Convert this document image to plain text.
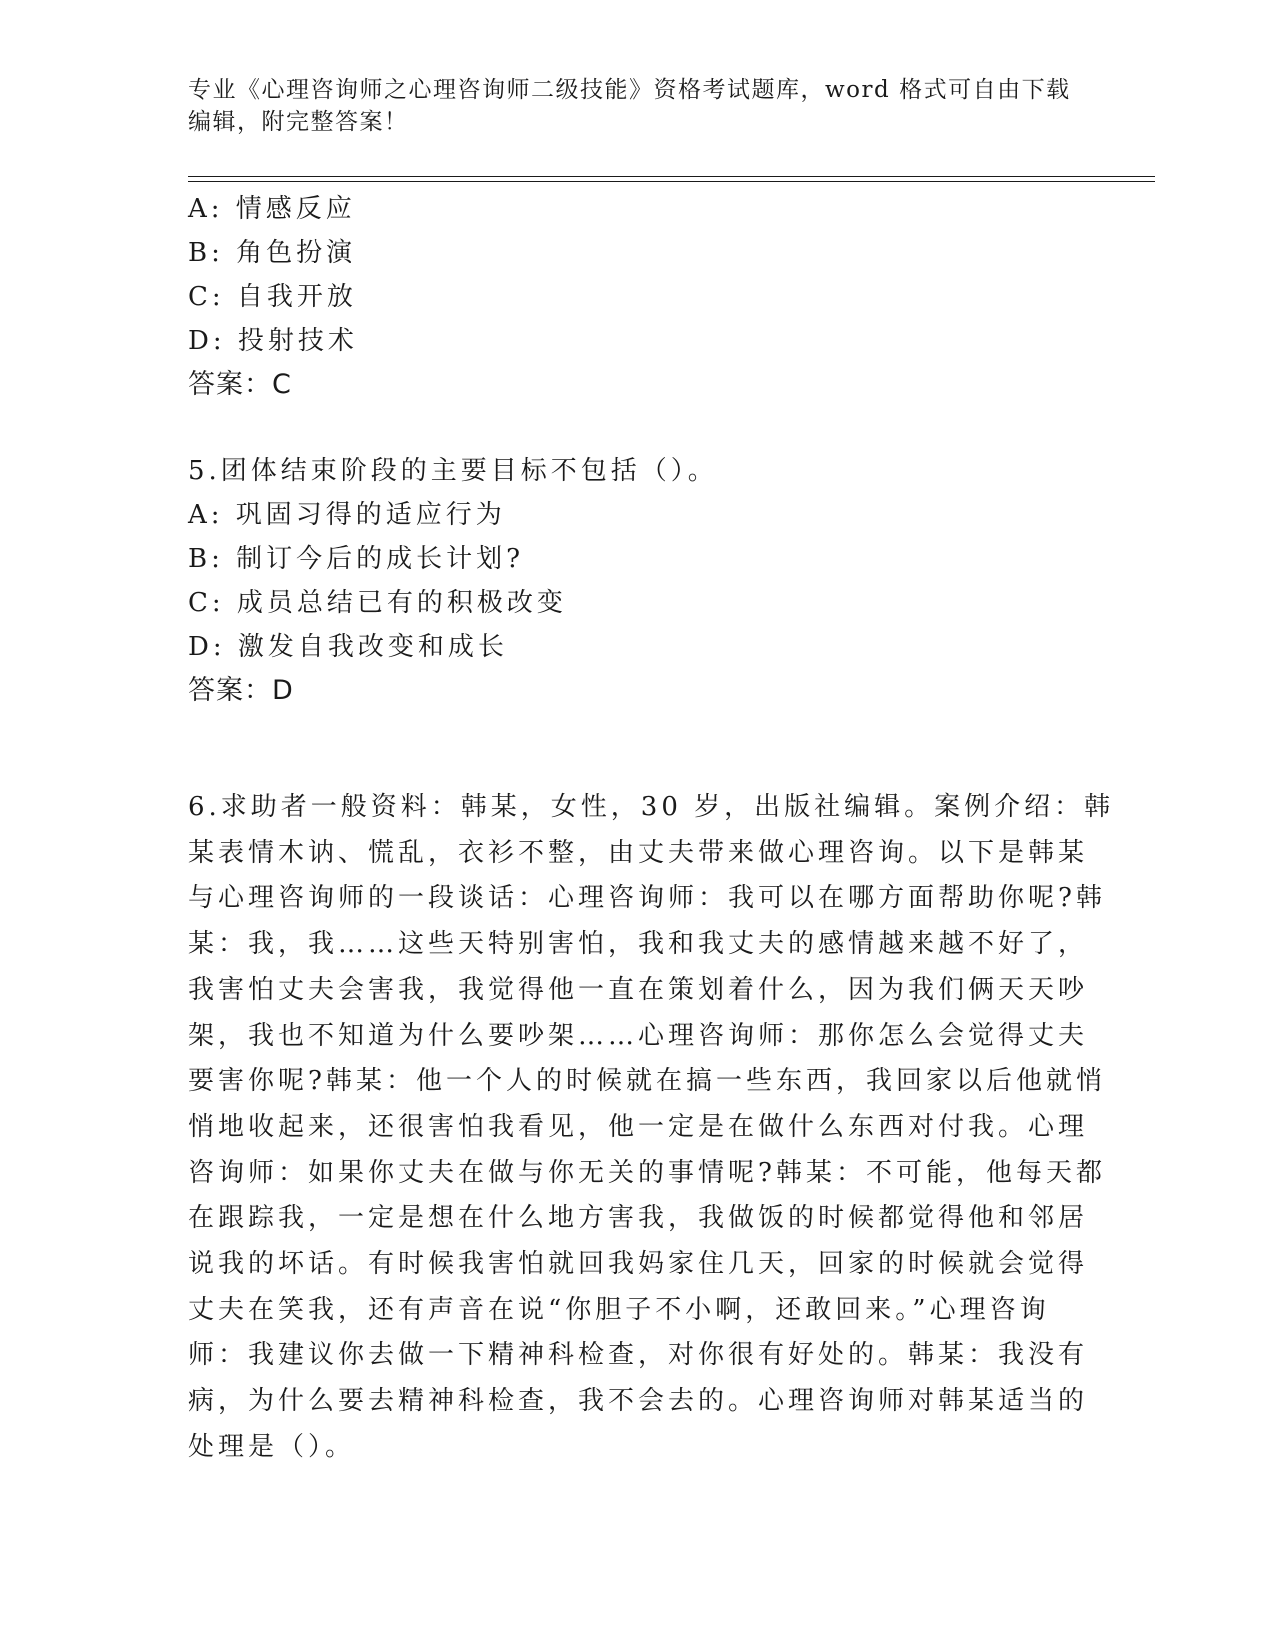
专业《心理咨询师之心理咨询师二级技能》资格考试题库，word 格式可自由下载
编辑，附完整答案！
A: 情感反应
B: 角色扮演
C: 自我开放
D: 投射技术
答案：C
5.团体结束阶段的主要目标不包括（）。
A: 巩固习得的适应行为
B: 制订今后的成长计划?
C: 成员总结已有的积极改变
D: 激发自我改变和成长
答案：D
6.求助者一般资料：韩某，女性，30 岁，出版社编辑。案例介绍：韩
某表情木讷、慌乱，衣衫不整，由丈夫带来做心理咨询。以下是韩某
与心理咨询师的一段谈话：心理咨询师：我可以在哪方面帮助你呢?韩
某：我，我……这些天特别害怕，我和我丈夫的感情越来越不好了，
我害怕丈夫会害我，我觉得他一直在策划着什么，因为我们俩天天吵
架，我也不知道为什么要吵架……心理咨询师：那你怎么会觉得丈夫
要害你呢?韩某：他一个人的时候就在搞一些东西，我回家以后他就悄
悄地收起来，还很害怕我看见，他一定是在做什么东西对付我。心理
咨询师：如果你丈夫在做与你无关的事情呢?韩某：不可能，他每天都
在跟踪我，一定是想在什么地方害我，我做饭的时候都觉得他和邻居
说我的坏话。有时候我害怕就回我妈家住几天，回家的时候就会觉得
丈夫在笑我，还有声音在说“你胆子不小啊，还敢回来。”心理咨询
师：我建议你去做一下精神科检查，对你很有好处的。韩某：我没有
病，为什么要去精神科检查，我不会去的。心理咨询师对韩某适当的
处理是（）。
